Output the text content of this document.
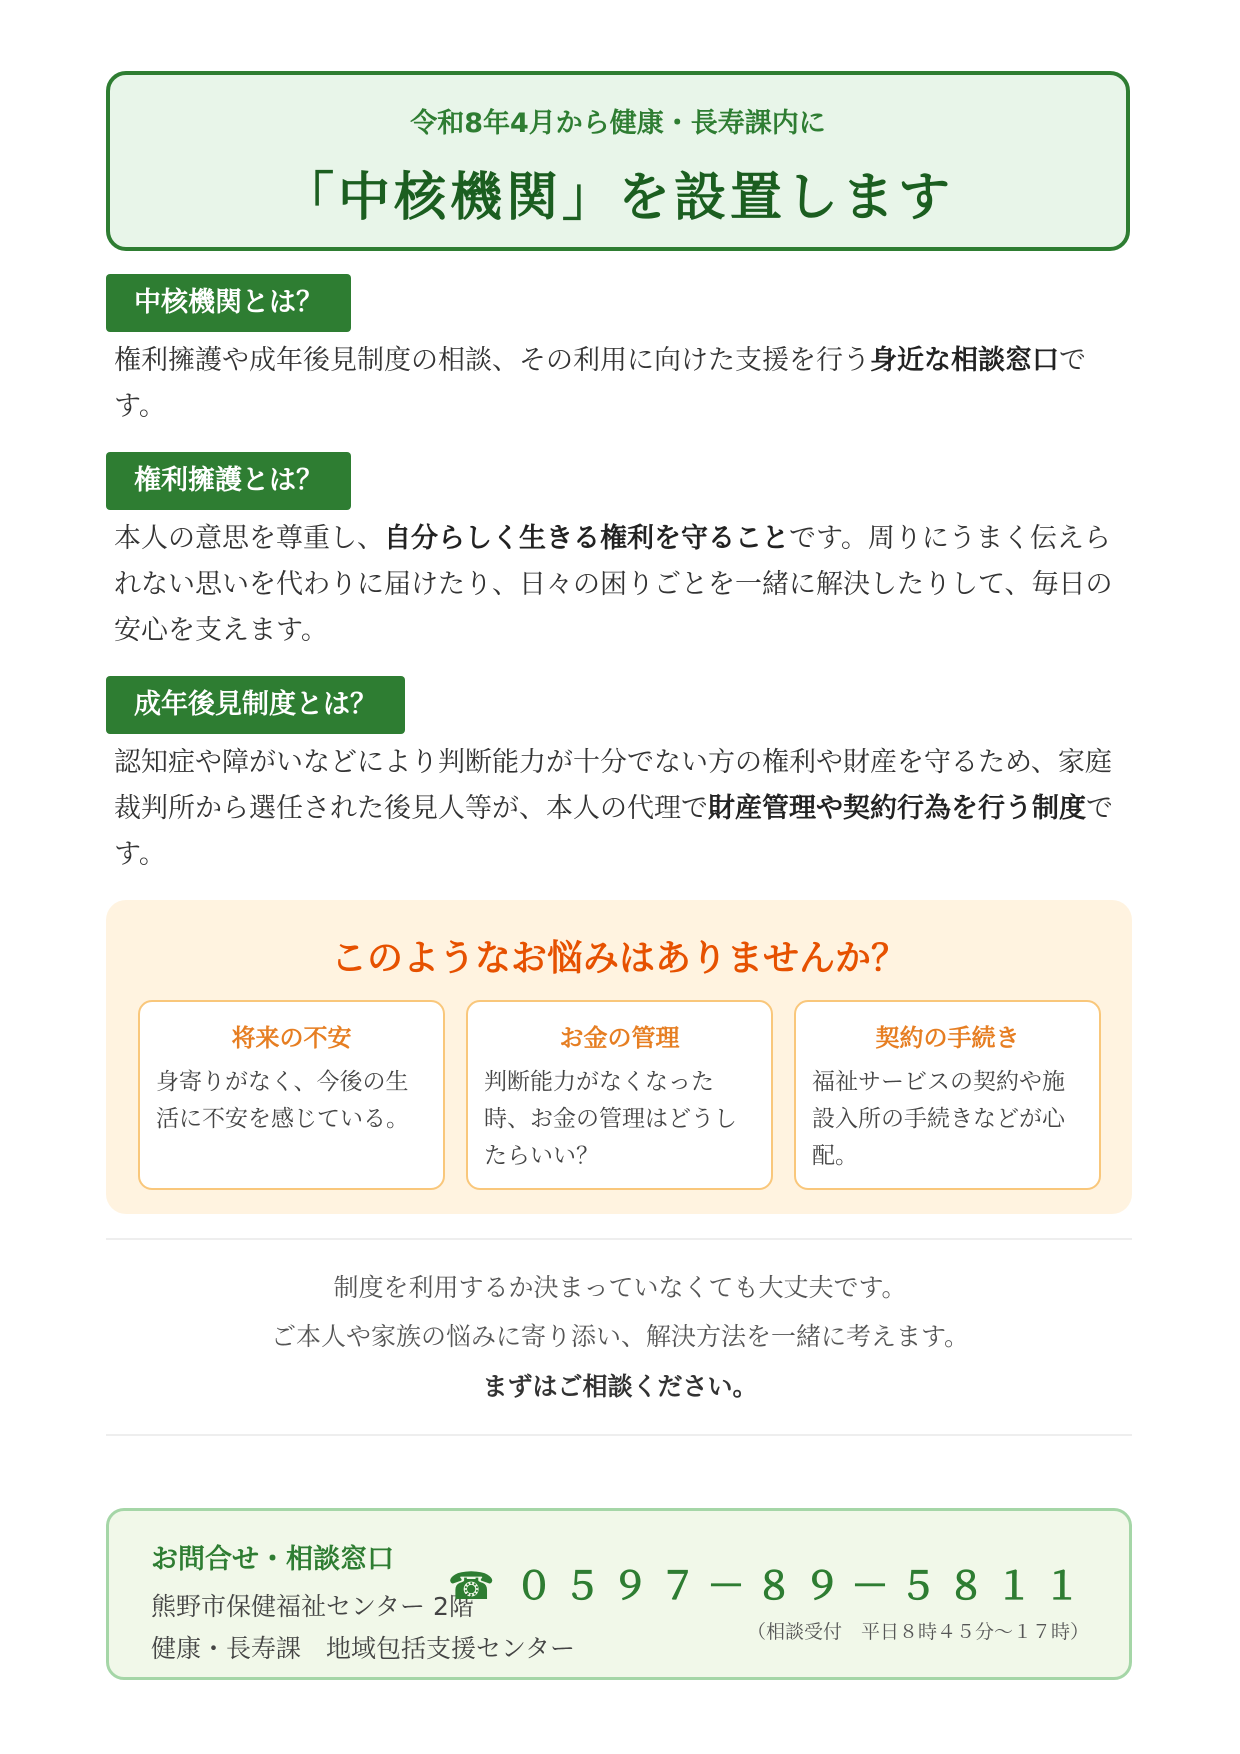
令和8年4月から健康・長寿課内に
「中核機関」を設置します
中核機関とは？
権利擁護や成年後見制度の相談、その利用に向けた支援を行う身近な相談窓口です。
権利擁護とは？
本人の意思を尊重し、自分らしく生きる権利を守ることです。周りにうまく伝えられない思いを代わりに届けたり、日々の困りごとを一緒に解決したりして、毎日の安心を支えます。
成年後見制度とは？
認知症や障がいなどにより判断能力が十分でない方の権利や財産を守るため、家庭裁判所から選任された後見人等が、本人の代理で財産管理や契約行為を行う制度です。
このようなお悩みはありませんか？
将来の不安
身寄りがなく、今後の生活に不安を感じている。
お金の管理
判断能力がなくなった時、お金の管理はどうしたらいい？
契約の手続き
福祉サービスの契約や施設入所の手続きなどが心配。
制度を利用するか決まっていなくても大丈夫です。
ご本人や家族の悩みに寄り添い、解決方法を一緒に考えます。
まずはご相談ください。
お問合せ・相談窓口
熊野市保健福祉センター 2階
健康・長寿課　地域包括支援センター
☎ ０５９７－８９－５８１１
（相談受付　平日８時４５分～１７時）
